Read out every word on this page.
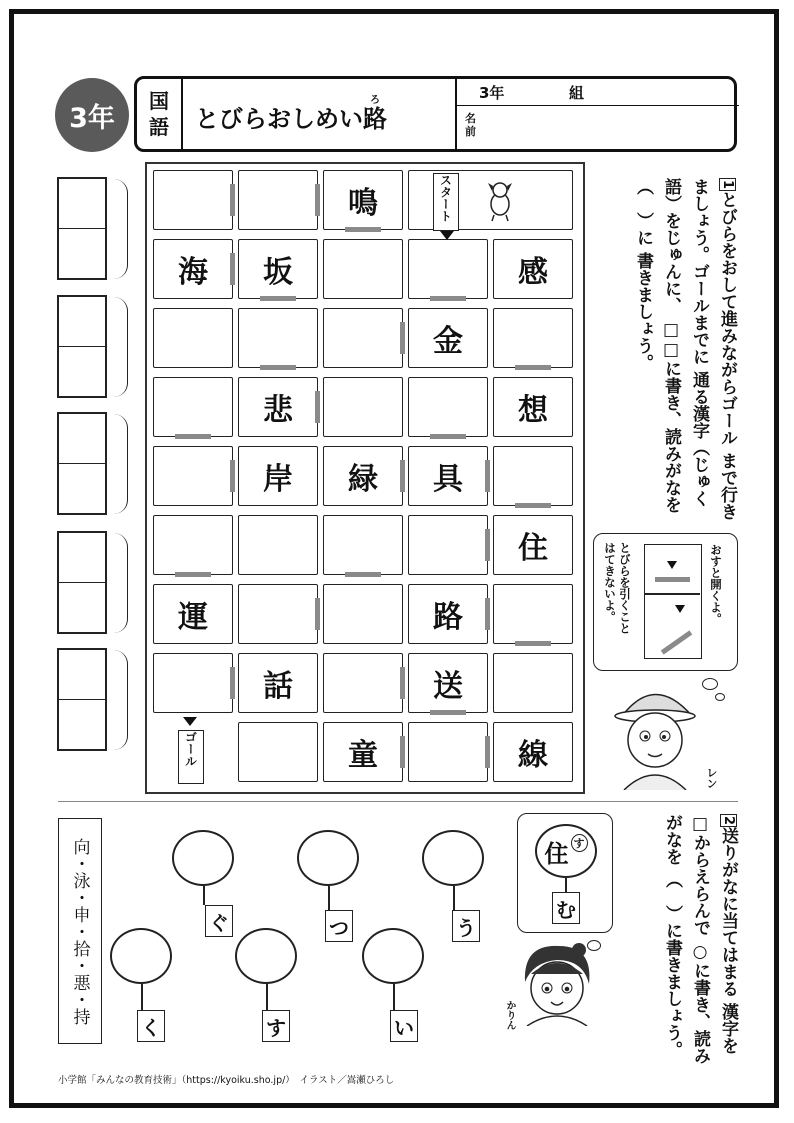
3年
国
語 とびらおしめい路ろ	3年	組
名
前
鳴
海 坂	感
金
悲	想
岸 緑 具
住
運	路
話	送
童	線
スタート
ゴール
1とびらをおして進みながらゴール まで行きましょう。ゴールまでに 通る漢字（じゅく語）をじゅんに、 □□に書き、読みがなを（　）に 書きましょう。
とびらを引くこと
はてきないよ。	おすと開くよ。
レン
2送りがなに当てはまる 漢字を□からえらんで ○に書き、読みがなを （　）に書きましょう。
向・泳・申・拾・悪・持	ぐ	つ	う
く	す	い
住 す
む
かりん
小学館「みんなの教育技術」（https://kyoiku.sho.jp/）　イラスト／嵩瀬ひろし
